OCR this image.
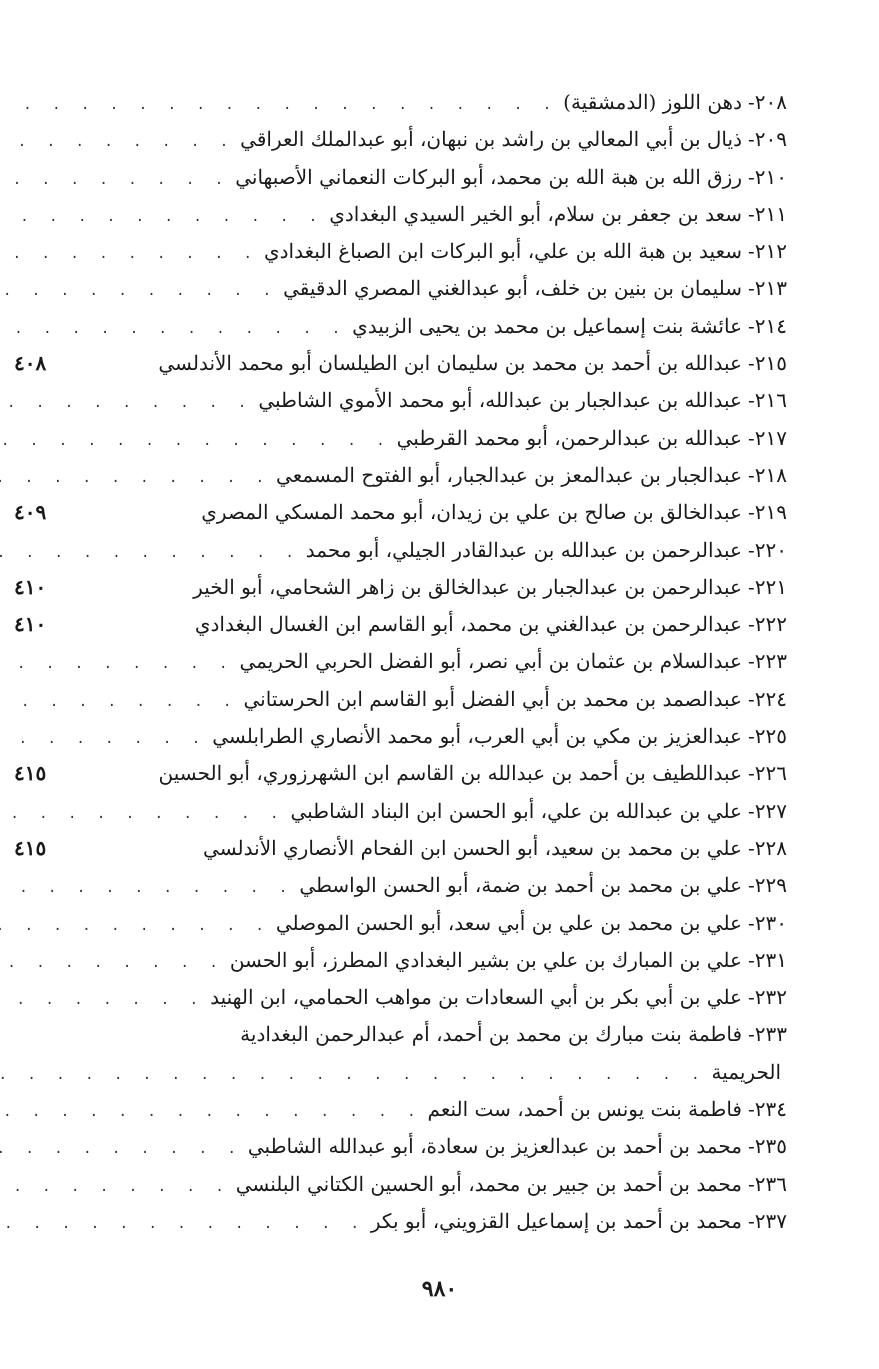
٢٠٨-
دهن اللوز (الدمشقية)
. . .
٢٠٩-
ذيال بن أبي المعالي بن راشد بن نبهان، أبو عبدالملك العراقي
. . .
٢١٠-
رزق الله بن هبة الله بن محمد، أبو البركات النعماني الأصبهاني
. . .
٢١١-
سعد بن جعفر بن سلام، أبو الخير السيدي البغدادي
. . .
٢١٢-
سعيد بن هبة الله بن علي، أبو البركات ابن الصباغ البغدادي
. . .
٢١٣-
سليمان بن بنين بن خلف، أبو عبدالغني المصري الدقيقي
. . .
٢١٤-
عائشة بنت إسماعيل بن محمد بن يحيى الزبيدي
. . .
٢١٥-
عبدالله بن أحمد بن محمد بن سليمان ابن الطيلسان أبو محمد الأندلسي
٤٠٨
٢١٦-
عبدالله بن عبدالجبار بن عبدالله، أبو محمد الأموي الشاطبي
. . .
٢١٧-
عبدالله بن عبدالرحمن، أبو محمد القرطبي
. . .
٢١٨-
عبدالجبار بن عبدالمعز بن عبدالجبار، أبو الفتوح المسمعي
. . .
٢١٩-
عبدالخالق بن صالح بن علي بن زيدان، أبو محمد المسكي المصري
٤٠٩
٢٢٠-
عبدالرحمن بن عبدالله بن عبدالقادر الجيلي، أبو محمد
. . .
٢٢١-
عبدالرحمن بن عبدالجبار بن عبدالخالق بن زاهر الشحامي، أبو الخير
٤١٠
٢٢٢-
عبدالرحمن بن عبدالغني بن محمد، أبو القاسم ابن الغسال البغدادي
٤١٠
٢٢٣-
عبدالسلام بن عثمان بن أبي نصر، أبو الفضل الحربي الحريمي
. . .
٢٢٤-
عبدالصمد بن محمد بن أبي الفضل أبو القاسم ابن الحرستاني
. . .
٢٢٥-
عبدالعزيز بن مكي بن أبي العرب، أبو محمد الأنصاري الطرابلسي
. . .
٢٢٦-
عبداللطيف بن أحمد بن عبدالله بن القاسم ابن الشهرزوري، أبو الحسين
٤١٥
٢٢٧-
علي بن عبدالله بن علي، أبو الحسن ابن البناد الشاطبي
. . .
٢٢٨-
علي بن محمد بن سعيد، أبو الحسن ابن الفحام الأنصاري الأندلسي
٤١٥
٢٢٩-
علي بن محمد بن أحمد بن ضمة، أبو الحسن الواسطي
. . .
٢٣٠-
علي بن محمد بن علي بن أبي سعد، أبو الحسن الموصلي
. . .
٢٣١-
علي بن المبارك بن علي بن بشير البغدادي المطرز، أبو الحسن
. . .
٢٣٢-
علي بن أبي بكر بن أبي السعادات بن مواهب الحمامي، ابن الهنيد
. . .
٢٣٣-
فاطمة بنت مبارك بن محمد بن أحمد، أم عبدالرحمن البغدادية
الحريمية
. . .
٢٣٤-
فاطمة بنت يونس بن أحمد، ست النعم
. . .
٢٣٥-
محمد بن أحمد بن عبدالعزيز بن سعادة، أبو عبدالله الشاطبي
. . .
٢٣٦-
محمد بن أحمد بن جبير بن محمد، أبو الحسين الكتاني البلنسي
. . .
٢٣٧-
محمد بن أحمد بن إسماعيل القزويني، أبو بكر
. . .
٩٨٠
